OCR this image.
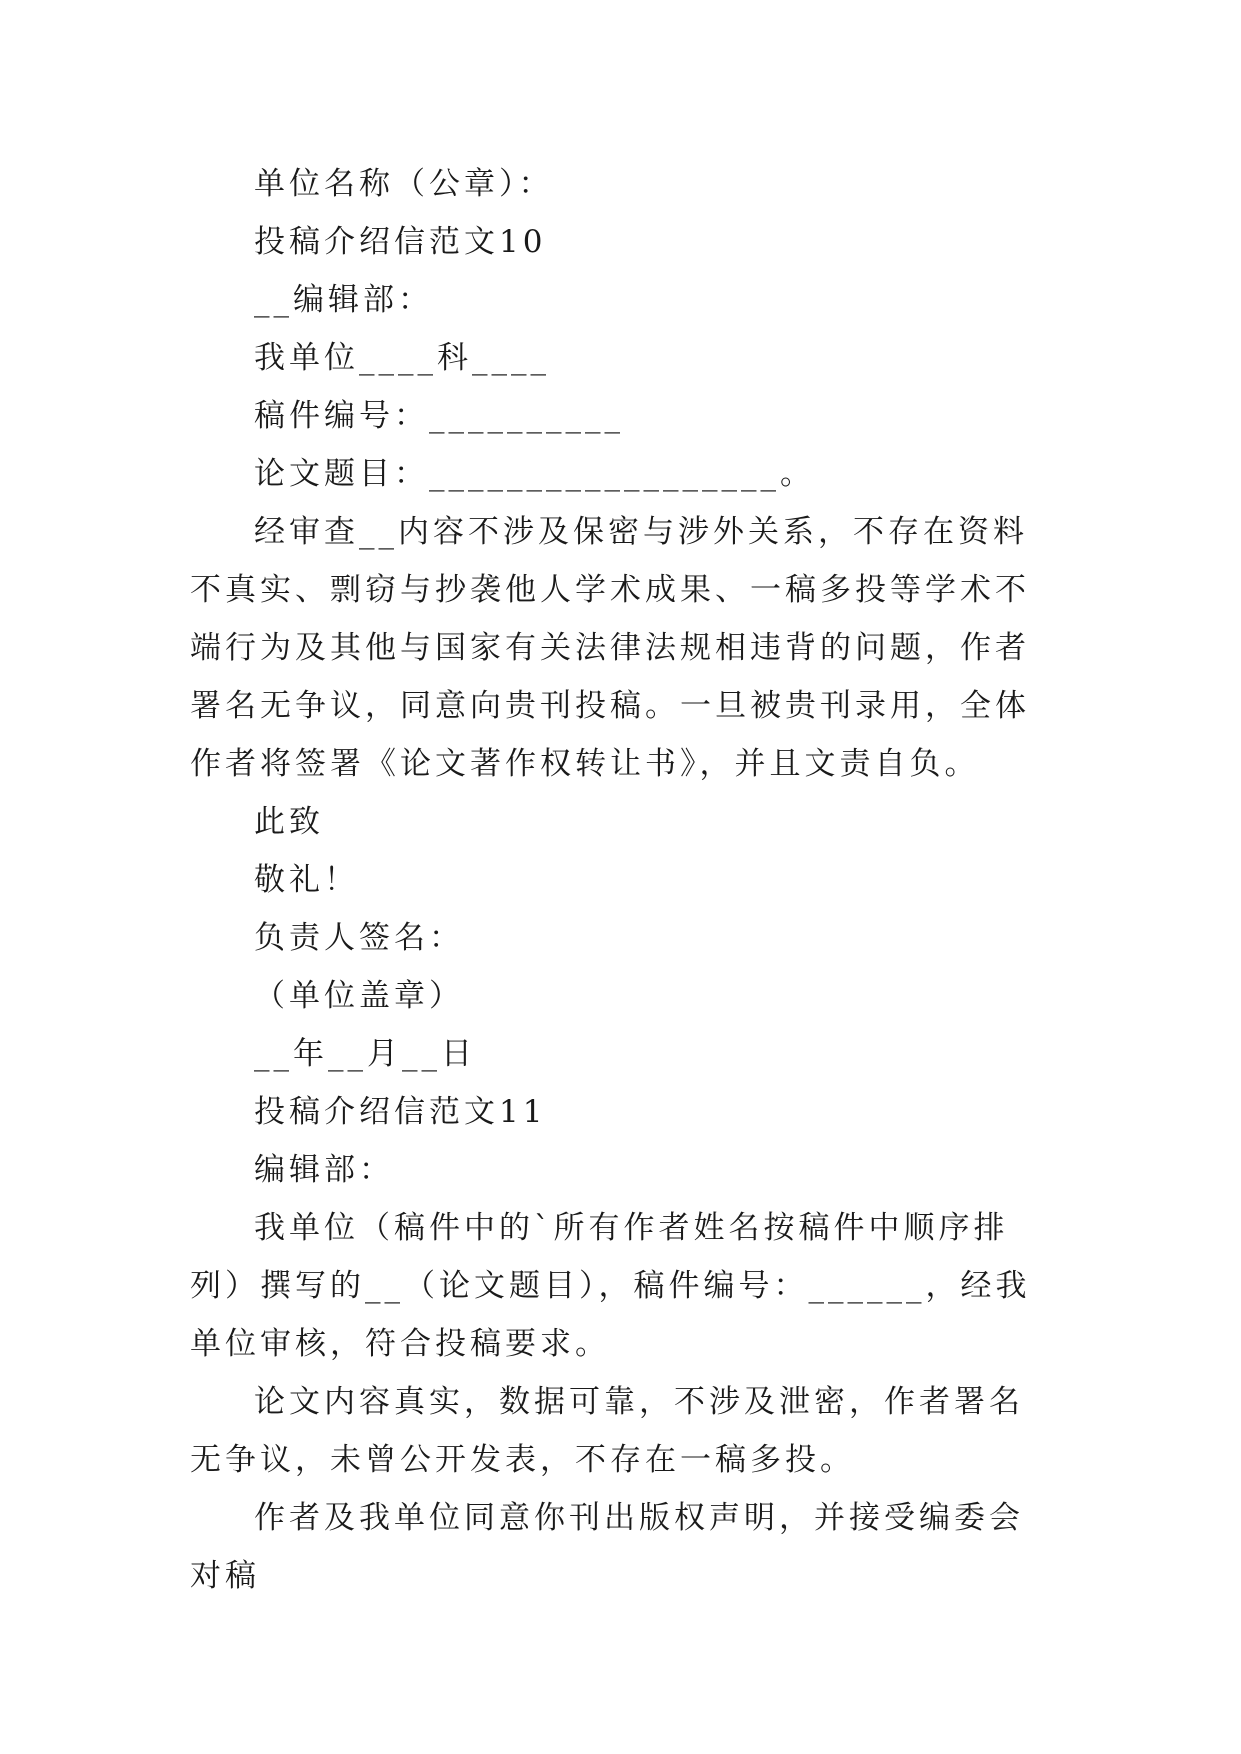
单位名称（公章）：

投稿介绍信范文10

__编辑部：

我单位____科____

稿件编号：__________

论文题目：__________________。

经审查__内容不涉及保密与涉外关系，不存在资料不真实、剽窃与抄袭他人学术成果、一稿多投等学术不端行为及其他与国家有关法律法规相违背的问题，作者署名无争议，同意向贵刊投稿。一旦被贵刊录用，全体作者将签署《论文著作权转让书》，并且文责自负。

此致

敬礼！

负责人签名：

（单位盖章）

__年__月__日

投稿介绍信范文11

编辑部：

我单位（稿件中的`所有作者姓名按稿件中顺序排列）撰写的__（论文题目），稿件编号：______，经我单位审核，符合投稿要求。

论文内容真实，数据可靠，不涉及泄密，作者署名无争议，未曾公开发表，不存在一稿多投。

作者及我单位同意你刊出版权声明，并接受编委会对稿
